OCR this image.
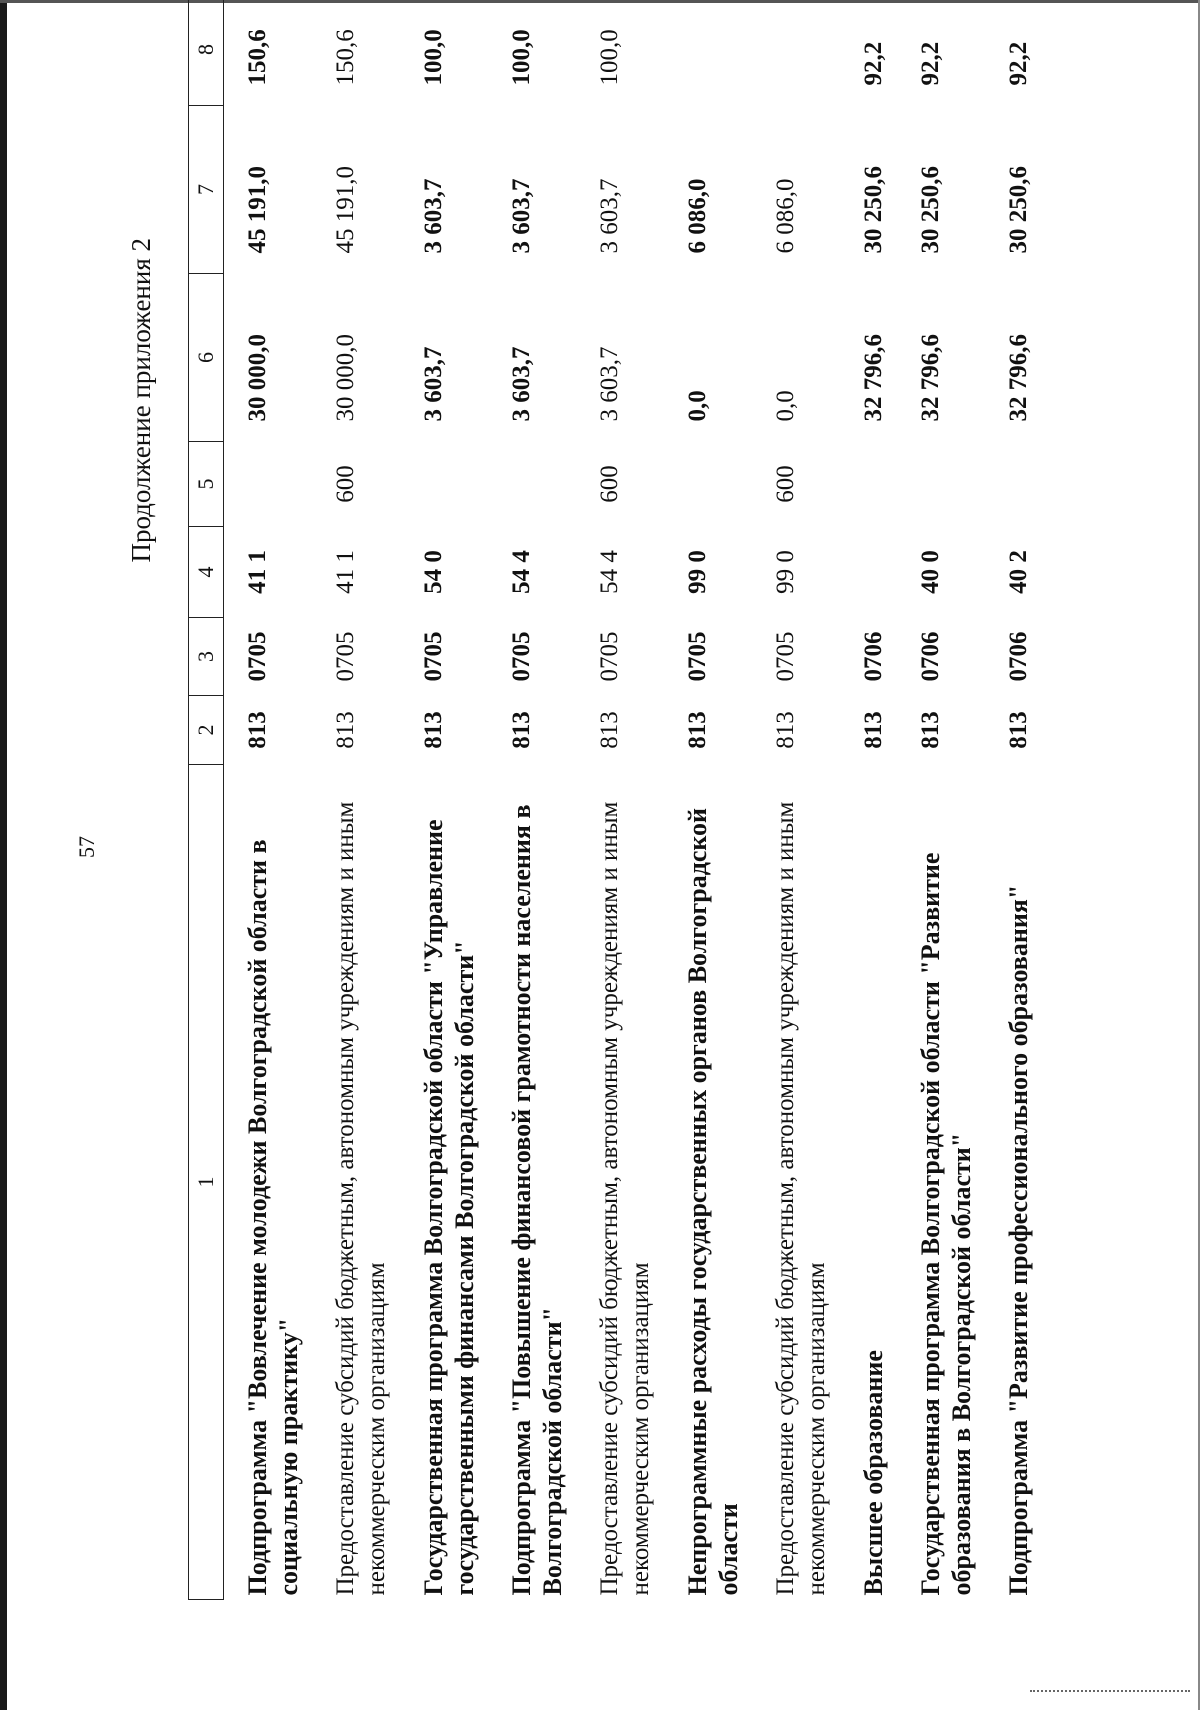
57
Продолжение приложения 2
1	2	3	4	5	6	7	8
Подпрограмма "Вовлечение молодежи Волгоградской области в социальную практику"	813	0705	41 1		30 000,0	45 191,0	150,6
Предоставление субсидий бюджетным, автономным учреждениям и иным некоммерческим организациям	813	0705	41 1	600	30 000,0	45 191,0	150,6
Государственная программа Волгоградской области "Управление государственными финансами Волгоградской области"	813	0705	54 0		3 603,7	3 603,7	100,0
Подпрограмма "Повышение финансовой грамотности населения в Волгоградской области"	813	0705	54 4		3 603,7	3 603,7	100,0
Предоставление субсидий бюджетным, автономным учреждениям и иным некоммерческим организациям	813	0705	54 4	600	3 603,7	3 603,7	100,0
Непрограммные расходы государственных органов Волгоградской области	813	0705	99 0		0,0	6 086,0	
Предоставление субсидий бюджетным, автономным учреждениям и иным некоммерческим организациям	813	0705	99 0	600	0,0	6 086,0	
Высшее образование	813	0706			32 796,6	30 250,6	92,2
Государственная программа Волгоградской области "Развитие образования в Волгоградской области"	813	0706	40 0		32 796,6	30 250,6	92,2
Подпрограмма "Развитие профессионального образования"	813	0706	40 2		32 796,6	30 250,6	92,2
